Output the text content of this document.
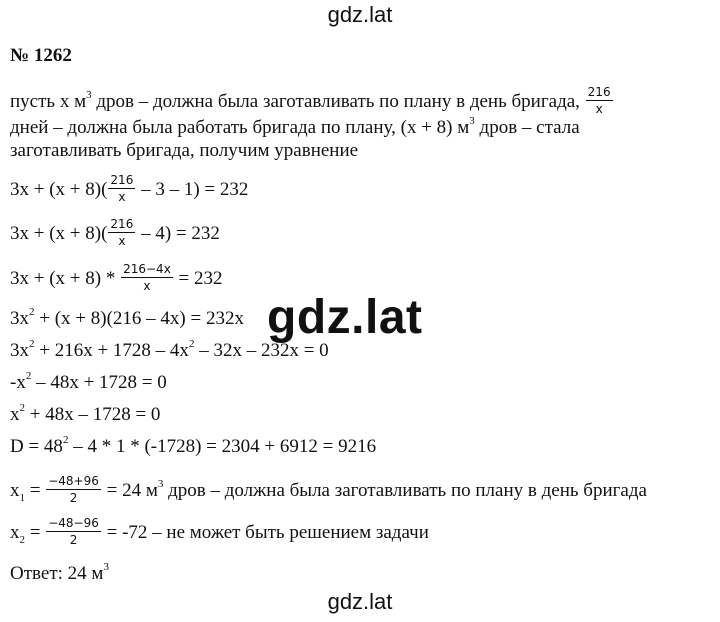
gdz.lat
№ 1262
пусть x $м^3$ дров – должна была заготавливать по плану в день бригада, $\frac{216}{x}$
дней – должна была работать бригада по плану, (x + 8) $м^3$ дров – стала
заготавливать бригада, получим уравнение
$3x + (x + 8)( \frac{216}{x} - 3 - 1) = 232$
$3x + (x + 8)( \frac{216}{x} - 4) = 232$
$3x + (x + 8) * \frac{216-4x}{x} = 232$
$3x^2 + (x + 8)(216 - 4x) = 232x$
$3x^2 + 216x + 1728 - 4x^2 - 32x - 232x = 0$
$-x^2 - 48x + 1728 = 0$
$x^2 + 48x - 1728 = 0$
$D = 48^2 - 4 * 1 * (-1728) = 2304 + 6912 = 9216$
$x_1 = \frac{-48+96}{2} = 24$ $м^3$ дров – должна была заготавливать по плану в день бригада
$x_2 = \frac{-48-96}{2} = -72$ – не может быть решением задачи
Ответ: 24 $м^3$
gdz.lat
gdz.lat
